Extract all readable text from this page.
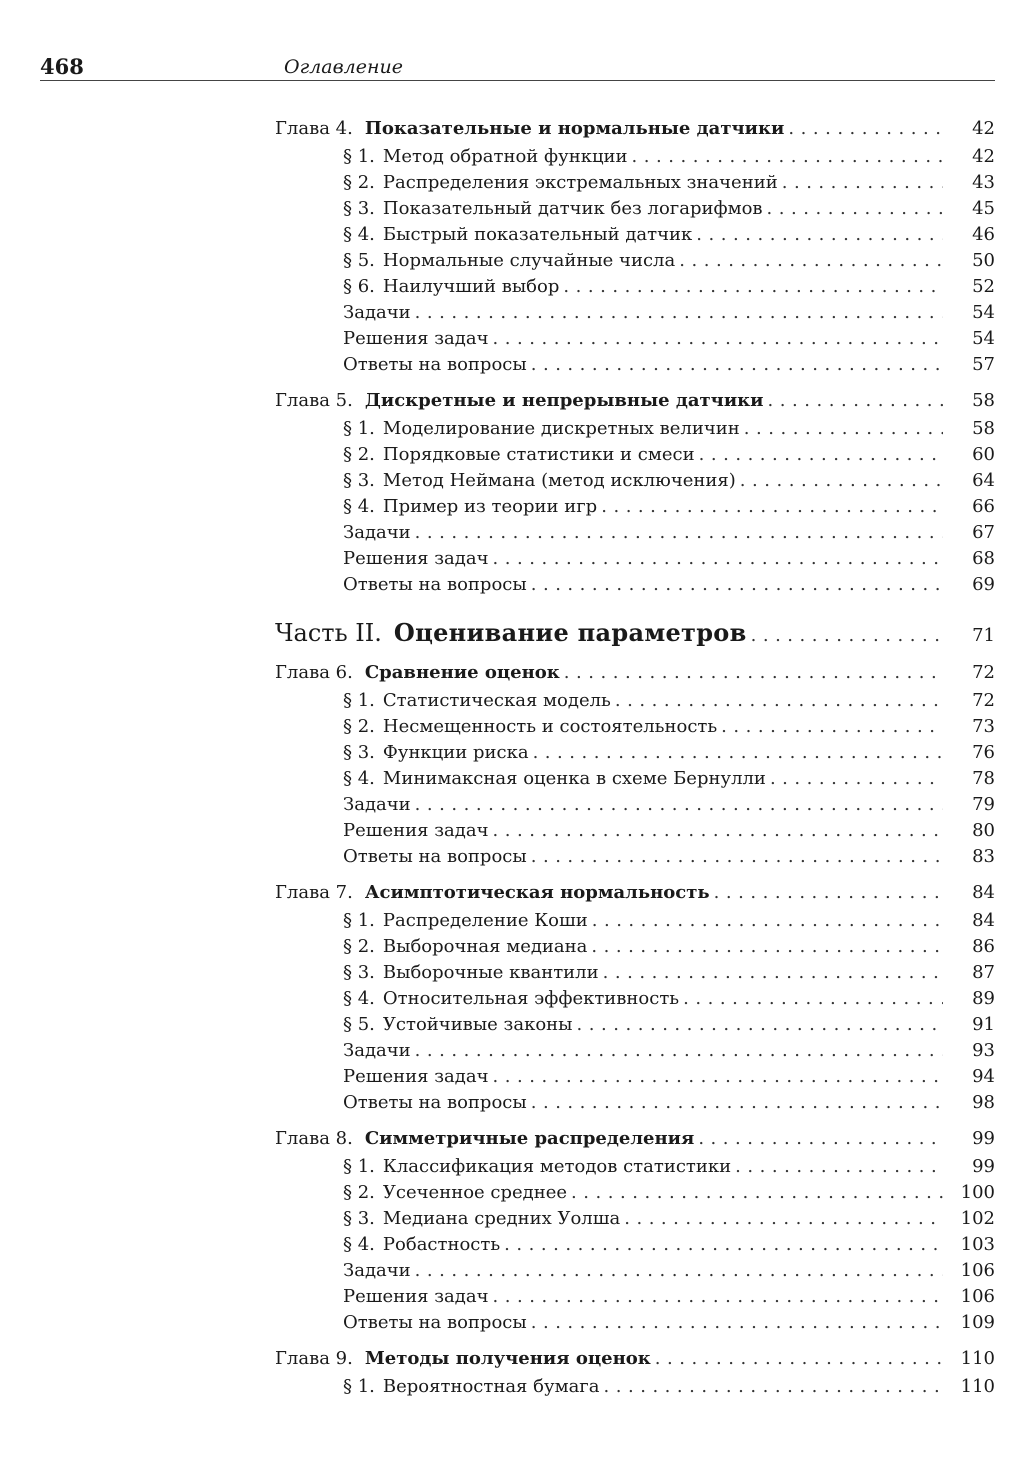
468	Оглавление
Глава 4. Показательные и нормальные датчики . . .	42
§ 1. Метод обратной функции . . .	42
§ 2. Распределения экстремальных значений . . .	43
§ 3. Показательный датчик без логарифмов . . .	45
§ 4. Быстрый показательный датчик . . .	46
§ 5. Нормальные случайные числа . . .	50
§ 6. Наилучший выбор . . .	52
Задачи . . .	54
Решения задач . . .	54
Ответы на вопросы . . .	57
Глава 5. Дискретные и непрерывные датчики . . .	58
§ 1. Моделирование дискретных величин . . .	58
§ 2. Порядковые статистики и смеси . . .	60
§ 3. Метод Неймана (метод исключения) . . .	64
§ 4. Пример из теории игр . . .	66
Задачи . . .	67
Решения задач . . .	68
Ответы на вопросы . . .	69
Часть II. Оценивание параметров . . .	71
Глава 6. Сравнение оценок . . .	72
§ 1. Статистическая модель . . .	72
§ 2. Несмещенность и состоятельность . . .	73
§ 3. Функции риска . . .	76
§ 4. Минимаксная оценка в схеме Бернулли . . .	78
Задачи . . .	79
Решения задач . . .	80
Ответы на вопросы . . .	83
Глава 7. Асимптотическая нормальность . . .	84
§ 1. Распределение Коши . . .	84
§ 2. Выборочная медиана . . .	86
§ 3. Выборочные квантили . . .	87
§ 4. Относительная эффективность . . .	89
§ 5. Устойчивые законы . . .	91
Задачи . . .	93
Решения задач . . .	94
Ответы на вопросы . . .	98
Глава 8. Симметричные распределения . . .	99
§ 1. Классификация методов статистики . . .	99
§ 2. Усеченное среднее . . .	100
§ 3. Медиана средних Уолша . . .	102
§ 4. Робастность . . .	103
Задачи . . .	106
Решения задач . . .	106
Ответы на вопросы . . .	109
Глава 9. Методы получения оценок . . .	110
§ 1. Вероятностная бумага . . .	110
